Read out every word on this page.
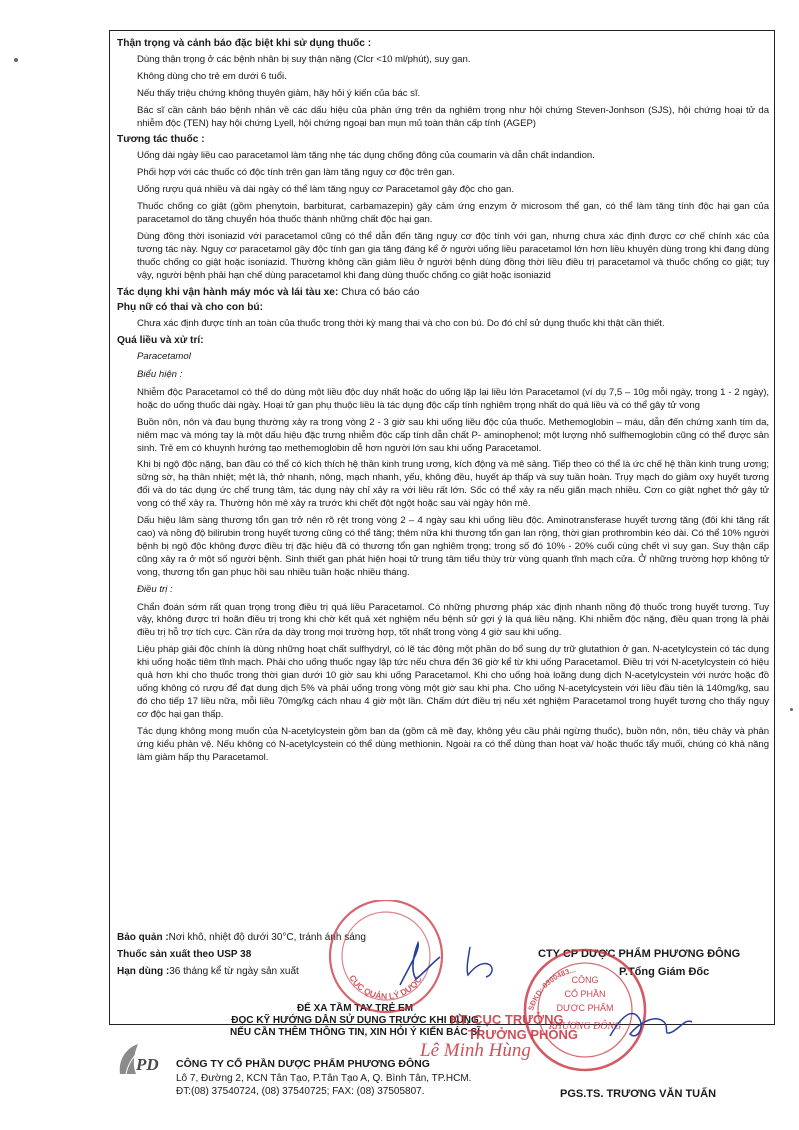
Thận trọng và cảnh báo đặc biệt khi sử dụng thuốc :
Dùng thận trọng ở các bệnh nhân bị suy thận nặng (Clcr <10 ml/phút), suy gan.
Không dùng cho trẻ em dưới 6 tuổi.
Nếu thấy triệu chứng không thuyên giảm, hãy hỏi ý kiến của bác sĩ.
Bác sĩ cần cảnh báo bệnh nhân về các dấu hiệu của phản ứng trên da nghiêm trọng như hội chứng Steven-Jonhson (SJS), hội chứng hoại tử da nhiễm độc (TEN) hay hội chứng Lyell, hội chứng ngoại ban mụn mủ toàn thân cấp tính (AGEP)
Tương tác thuốc :
Uống dài ngày liều cao paracetamol làm tăng nhẹ tác dụng chống đông của coumarin và dẫn chất indandion.
Phối hợp với các thuốc có độc tính trên gan làm tăng nguy cơ độc trên gan.
Uống rượu quá nhiều và dài ngày có thể làm tăng nguy cơ Paracetamol gây độc cho gan.
Thuốc chống co giật (gồm phenytoin, barbiturat, carbamazepin) gây cảm ứng enzym ở microsom thể gan, có thể làm tăng tính độc hại gan của paracetamol do tăng chuyển hóa thuốc thành những chất độc hại gan.
Dùng đồng thời isoniazid với paracetamol cũng có thể dẫn đến tăng nguy cơ độc tính với gan, nhưng chưa xác định được cơ chế chính xác của tương tác này. Nguy cơ paracetamol gây độc tính gan gia tăng đáng kể ở người uống liều paracetamol lớn hơn liều khuyên dùng trong khi đang dùng thuốc chống co giật hoặc isoniazid. Thường không cần giảm liều ở người bệnh dùng đồng thời liều điều trị paracetamol và thuốc chống co giật; tuy vậy, người bệnh phải hạn chế dùng paracetamol khi đang dùng thuốc chống co giật hoặc isoniazid
Tác dụng khi vận hành máy móc và lái tàu xe: Chưa có báo cáo
Phụ nữ có thai và cho con bú:
Chưa xác định được tính an toàn của thuốc trong thời kỳ mang thai và cho con bú. Do đó chỉ sử dụng thuốc khi thật cần thiết.
Quá liều và xử trí:
Paracetamol
Biểu hiện :
Nhiễm độc Paracetamol có thể do dùng một liều độc duy nhất hoặc do uống lặp lại liều lớn Paracetamol (ví dụ 7,5 – 10g mỗi ngày, trong 1 - 2 ngày), hoặc do uống thuốc dài ngày. Hoại tử gan phụ thuộc liều là tác dụng độc cấp tính nghiêm trọng nhất do quá liều và có thể gây tử vong
Buồn nôn, nôn và đau bụng thường xảy ra trong vòng 2 - 3 giờ sau khi uống liều độc của thuốc. Methemoglobin – máu, dẫn đến chứng xanh tím da, niêm mạc và móng tay là một dấu hiệu đặc trưng nhiễm độc cấp tính dẫn chất P- aminophenol; một lượng nhỏ sulfhemoglobin cũng có thể được sản sinh. Trẻ em có khuynh hướng tạo methemoglobin dễ hơn người lớn sau khi uống Paracetamol.
Khi bị ngộ độc nặng, ban đầu có thể có kích thích hệ thần kinh trung ương, kích động và mê sảng. Tiếp theo có thể là ức chế hệ thần kinh trung ương; sững sờ, hạ thân nhiệt; mệt lả, thở nhanh, nông, mạch nhanh, yếu, không đều, huyết áp thấp và suy tuần hoàn. Trụy mạch do giảm oxy huyết tương đối và do tác dụng ức chế trung tâm, tác dụng này chỉ xảy ra với liều rất lớn. Sốc có thể xảy ra nếu giãn mạch nhiều. Cơn co giật nghẹt thở gây tử vong có thể xảy ra. Thường hôn mê xảy ra trước khi chết đột ngột hoặc sau vài ngày hôn mê.
Dấu hiệu lâm sàng thương tổn gan trở nên rõ rệt trong vòng 2 – 4 ngày sau khi uống liều độc. Aminotransferase huyết tương tăng (đôi khi tăng rất cao) và nồng độ bilirubin trong huyết tương cũng có thể tăng; thêm nữa khi thương tổn gan lan rộng, thời gian prothrombin kéo dài. Có thể 10% người bệnh bị ngộ độc không được điều trị đặc hiệu đã có thương tổn gan nghiêm trọng; trong số đó 10% - 20% cuối cùng chết vì suy gan. Suy thận cấp cũng xảy ra ở một số người bệnh. Sinh thiết gan phát hiện hoại tử trung tâm tiểu thùy trừ vùng quanh tĩnh mạch cửa. Ở những trường hợp không tử vong, thương tổn gan phục hồi sau nhiều tuần hoặc nhiều tháng.
Điều trị :
Chẩn đoán sớm rất quan trọng trong điều trị quá liều Paracetamol. Có những phương pháp xác định nhanh nồng độ thuốc trong huyết tương. Tuy vậy, không được trì hoãn điều trị trong khi chờ kết quả xét nghiệm nếu bệnh sử gợi ý là quá liều nặng. Khi nhiễm độc nặng, điều quan trọng là phải điều trị hỗ trợ tích cực. Cần rửa dạ dày trong mọi trường hợp, tốt nhất trong vòng 4 giờ sau khi uống.
Liệu pháp giải độc chính là dùng những hoạt chất sulfhydryl, có lẽ tác động một phần do bổ sung dự trữ glutathion ở gan. N-acetylcystein có tác dụng khi uống hoặc tiêm tĩnh mạch. Phải cho uống thuốc ngay lập tức nếu chưa đến 36 giờ kể từ khi uống Paracetamol. Điều trị với N-acetylcystein có hiệu quả hơn khi cho thuốc trong thời gian dưới 10 giờ sau khi uống Paracetamol. Khi cho uống hoà loãng dung dịch N-acetylcystein với nước hoặc đồ uống không có rượu để đạt dung dịch 5% và phải uống trong vòng một giờ sau khi pha. Cho uống N-acetylcystein với liều đầu tiên là 140mg/kg, sau đó cho tiếp 17 liều nữa, mỗi liều 70mg/kg cách nhau 4 giờ một lần. Chấm dứt điều trị nếu xét nghiệm Paracetamol trong huyết tương cho thấy nguy cơ độc hại gan thấp.
Tác dụng không mong muốn của N-acetylcystein gồm ban da (gồm cả mề đay, không yêu cầu phải ngừng thuốc), buồn nôn, nôn, tiêu chảy và phản ứng kiểu phản vệ. Nếu không có N-acetylcystein có thể dùng methionin. Ngoài ra có thể dùng than hoạt và/ hoặc thuốc tẩy muối, chúng có khả năng làm giảm hấp thụ Paracetamol.
Bảo quản : Nơi khô, nhiệt độ dưới 30°C, tránh ánh sáng
Thuốc sản xuất theo USP 38
Hạn dùng : 36 tháng kể từ ngày sản xuất
CTY CP DƯỢC PHẨM PHƯƠNG ĐÔNG
P.Tổng Giám Đốc
ĐỂ XA TẦM TAY TRẺ EM
ĐỌC KỸ HƯỚNG DẪN SỬ DỤNG TRƯỚC KHI DÙNG
NẾU CẦN THÊM THÔNG TIN, XIN HỎI Ý KIẾN BÁC SĨ
PD CÔNG TY CỔ PHẦN DƯỢC PHẨM PHƯƠNG ĐÔNG
Lô 7, Đường 2, KCN Tân Tạo, P.Tân Tạo A, Q. Bình Tân, TP.HCM.
ĐT:(08) 37540724, (08) 37540725; FAX: (08) 37505807.	PGS.TS. TRƯƠNG VĂN TUẤN
CỤC QUẢN LÝ DƯỢC
SĐKD: 0300483...
CÔNG
CỔ PHẦN
DƯỢC PHẨM
PHƯƠNG ĐÔNG
KT. CỤC TRƯỞNG
TRƯỞNG PHÒNG
Lê Minh Hùng
